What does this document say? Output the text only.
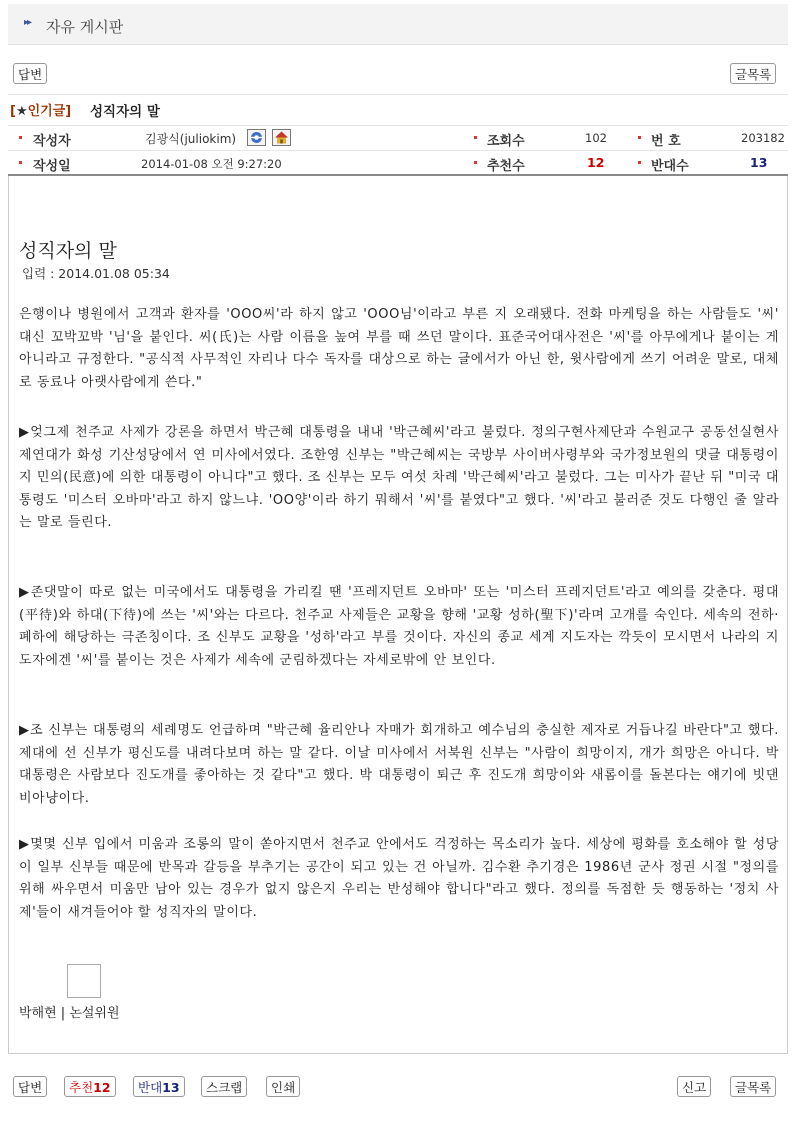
▸▸ 자유 게시판
답변	글목록
[★인기글] 성직자의 말
작성자	김광식(juliokim)	조회수	102	번 호	203182
작성일	2014-01-08 오전 9:27:20	추천수	12	반대수	13
성직자의 말
입력 : 2014.01.08 05:34
은행이나 병원에서 고객과 환자를 'OOO씨'라 하지 않고 'OOO님'이라고 부른 지 오래됐다. 전화 마케팅을 하는 사람들도 '씨' 대신 꼬박꼬박 '님'을 붙인다. 씨(氏)는 사람 이름을 높여 부를 때 쓰던 말이다. 표준국어대사전은 '씨'를 아무에게나 붙이는 게 아니라고 규정한다. "공식적 사무적인 자리나 다수 독자를 대상으로 하는 글에서가 아닌 한, 윗사람에게 쓰기 어려운 말로, 대체로 동료나 아랫사람에게 쓴다."
▶엊그제 천주교 사제가 강론을 하면서 박근혜 대통령을 내내 '박근혜씨'라고 불렀다. 정의구현사제단과 수원교구 공동선실현사제연대가 화성 기산성당에서 연 미사에서였다. 조한영 신부는 "박근혜씨는 국방부 사이버사령부와 국가정보원의 댓글 대통령이지 민의(民意)에 의한 대통령이 아니다"고 했다. 조 신부는 모두 여섯 차례 '박근혜씨'라고 불렀다. 그는 미사가 끝난 뒤 "미국 대통령도 '미스터 오바마'라고 하지 않느냐. 'OO양'이라 하기 뭐해서 '씨'를 붙였다"고 했다. '씨'라고 불러준 것도 다행인 줄 알라는 말로 들린다.
▶존댓말이 따로 없는 미국에서도 대통령을 가리킬 땐 '프레지던트 오바마' 또는 '미스터 프레지던트'라고 예의를 갖춘다. 평대(平待)와 하대(下待)에 쓰는 '씨'와는 다르다. 천주교 사제들은 교황을 향해 '교황 성하(聖下)'라며 고개를 숙인다. 세속의 전하·폐하에 해당하는 극존칭이다. 조 신부도 교황을 '성하'라고 부를 것이다. 자신의 종교 세계 지도자는 깍듯이 모시면서 나라의 지도자에겐 '씨'를 붙이는 것은 사제가 세속에 군림하겠다는 자세로밖에 안 보인다.
▶조 신부는 대통령의 세례명도 언급하며 "박근혜 율리안나 자매가 회개하고 예수님의 충실한 제자로 거듭나길 바란다"고 했다. 제대에 선 신부가 평신도를 내려다보며 하는 말 같다. 이날 미사에서 서북원 신부는 "사람이 희망이지, 개가 희망은 아니다. 박 대통령은 사람보다 진도개를 좋아하는 것 같다"고 했다. 박 대통령이 퇴근 후 진도개 희망이와 새롬이를 돌본다는 얘기에 빗댄 비아냥이다.
▶몇몇 신부 입에서 미움과 조롱의 말이 쏟아지면서 천주교 안에서도 걱정하는 목소리가 높다. 세상에 평화를 호소해야 할 성당이 일부 신부들 때문에 반목과 갈등을 부추기는 공간이 되고 있는 건 아닐까. 김수환 추기경은 1986년 군사 정권 시절 "정의를 위해 싸우면서 미움만 남아 있는 경우가 없지 않은지 우리는 반성해야 합니다"라고 했다. 정의를 독점한 듯 행동하는 '정치 사제'들이 새겨들어야 할 성직자의 말이다.
박해현 | 논설위원
답변	추천12	반대13	스크랩	인쇄	신고	글목록
